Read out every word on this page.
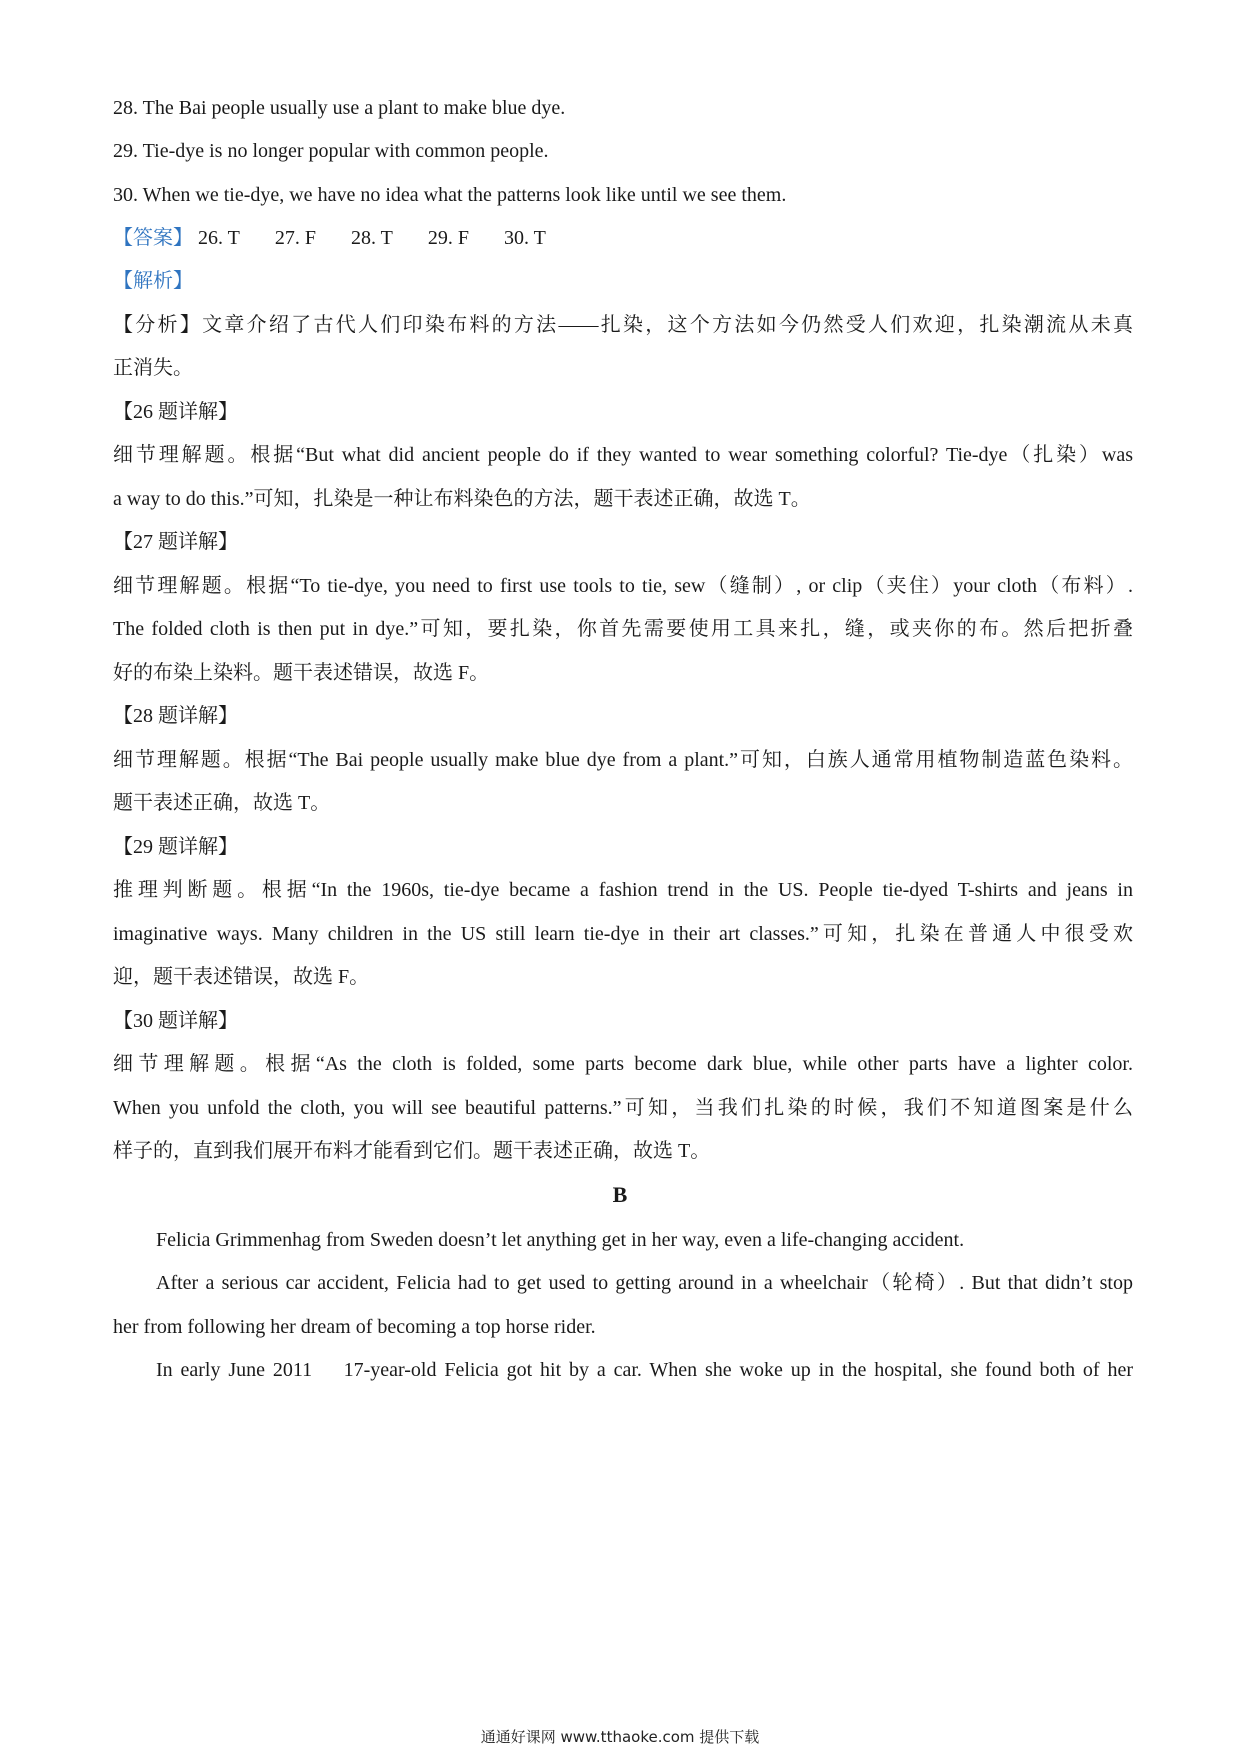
28. The Bai people usually use a plant to make blue dye.
29. Tie-dye is no longer popular with common people.
30. When we tie-dye, we have no idea what the patterns look like until we see them.
【答案】 26. T 27. F 28. T 29. F 30. T
【解析】
【分析】文章介绍了古代人们印染布料的方法——扎染，这个方法如今仍然受人们欢迎，扎染潮流从未真
正消失。
【26 题详解】
细节理解题。根据“But what did ancient people do if they wanted to wear something colorful? Tie-dye（扎染）was
a way to do this.”可知，扎染是一种让布料染色的方法，题干表述正确，故选 T。
【27 题详解】
细节理解题。根据“To tie-dye, you need to first use tools to tie, sew（缝制）, or clip（夹住）your cloth（布料）.
The folded cloth is then put in dye.”可知，要扎染，你首先需要使用工具来扎，缝，或夹你的布。然后把折叠
好的布染上染料。题干表述错误，故选 F。
【28 题详解】
细节理解题。根据“The Bai people usually make blue dye from a plant.”可知，白族人通常用植物制造蓝色染料。
题干表述正确，故选 T。
【29 题详解】
推理判断题。根据“In the 1960s, tie-dye became a fashion trend in the US. People tie-dyed T-shirts and jeans in
imaginative ways. Many children in the US still learn tie-dye in their art classes.”可知，扎染在普通人中很受欢
迎，题干表述错误，故选 F。
【30 题详解】
细节理解题。根据“As the cloth is folded, some parts become dark blue, while other parts have a lighter color.
When you unfold the cloth, you will see beautiful patterns.”可知，当我们扎染的时候，我们不知道图案是什么
样子的，直到我们展开布料才能看到它们。题干表述正确，故选 T。
B
Felicia Grimmenhag from Sweden doesn’t let anything get in her way, even a life-changing accident.
After a serious car accident, Felicia had to get used to getting around in a wheelchair（轮椅）. But that didn’t stop
her from following her dream of becoming a top horse rider.
In early June 2011    17-year-old Felicia got hit by a car. When she woke up in the hospital, she found both of her
通通好课网 www.tthaoke.com 提供下载
